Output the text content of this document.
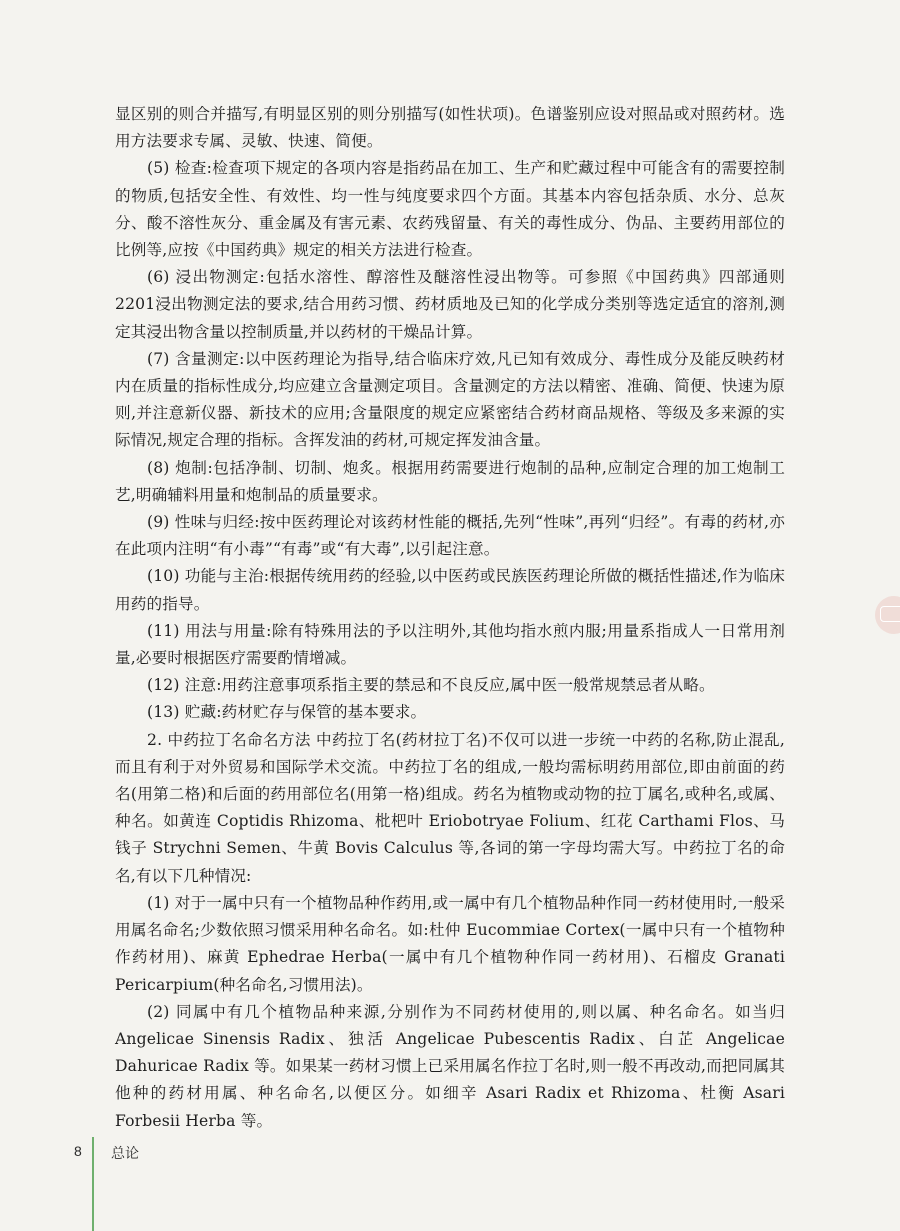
显区别的则合并描写,有明显区别的则分别描写(如性状项)。色谱鉴别应设对照品或对照药材。选用方法要求专属、灵敏、快速、简便。

(5) 检查:检查项下规定的各项内容是指药品在加工、生产和贮藏过程中可能含有的需要控制的物质,包括安全性、有效性、均一性与纯度要求四个方面。其基本内容包括杂质、水分、总灰分、酸不溶性灰分、重金属及有害元素、农药残留量、有关的毒性成分、伪品、主要药用部位的比例等,应按《中国药典》规定的相关方法进行检查。

(6) 浸出物测定:包括水溶性、醇溶性及醚溶性浸出物等。可参照《中国药典》四部通则2201浸出物测定法的要求,结合用药习惯、药材质地及已知的化学成分类别等选定适宜的溶剂,测定其浸出物含量以控制质量,并以药材的干燥品计算。

(7) 含量测定:以中医药理论为指导,结合临床疗效,凡已知有效成分、毒性成分及能反映药材内在质量的指标性成分,均应建立含量测定项目。含量测定的方法以精密、准确、简便、快速为原则,并注意新仪器、新技术的应用;含量限度的规定应紧密结合药材商品规格、等级及多来源的实际情况,规定合理的指标。含挥发油的药材,可规定挥发油含量。

(8) 炮制:包括净制、切制、炮炙。根据用药需要进行炮制的品种,应制定合理的加工炮制工艺,明确辅料用量和炮制品的质量要求。

(9) 性味与归经:按中医药理论对该药材性能的概括,先列“性味”,再列“归经”。有毒的药材,亦在此项内注明“有小毒”“有毒”或“有大毒”,以引起注意。

(10) 功能与主治:根据传统用药的经验,以中医药或民族医药理论所做的概括性描述,作为临床用药的指导。

(11) 用法与用量:除有特殊用法的予以注明外,其他均指水煎内服;用量系指成人一日常用剂量,必要时根据医疗需要酌情增减。

(12) 注意:用药注意事项系指主要的禁忌和不良反应,属中医一般常规禁忌者从略。

(13) 贮藏:药材贮存与保管的基本要求。

2. 中药拉丁名命名方法 中药拉丁名(药材拉丁名)不仅可以进一步统一中药的名称,防止混乱,而且有利于对外贸易和国际学术交流。中药拉丁名的组成,一般均需标明药用部位,即由前面的药名(用第二格)和后面的药用部位名(用第一格)组成。药名为植物或动物的拉丁属名,或种名,或属、种名。如黄连 Coptidis Rhizoma、枇杷叶 Eriobotryae Folium、红花 Carthami Flos、马钱子 Strychni Semen、牛黄 Bovis Calculus 等,各词的第一字母均需大写。中药拉丁名的命名,有以下几种情况:

(1) 对于一属中只有一个植物品种作药用,或一属中有几个植物品种作同一药材使用时,一般采用属名命名;少数依照习惯采用种名命名。如:杜仲 Eucommiae Cortex(一属中只有一个植物种作药材用)、麻黄 Ephedrae Herba(一属中有几个植物种作同一药材用)、石榴皮 Granati Pericarpium(种名命名,习惯用法)。

(2) 同属中有几个植物品种来源,分别作为不同药材使用的,则以属、种名命名。如当归 Angelicae Sinensis Radix、独活 Angelicae Pubescentis Radix、白芷 Angelicae Dahuricae Radix 等。如果某一药材习惯上已采用属名作拉丁名时,则一般不再改动,而把同属其他种的药材用属、种名命名,以便区分。如细辛 Asari Radix et Rhizoma、杜衡 Asari Forbesii Herba 等。

8 总论
